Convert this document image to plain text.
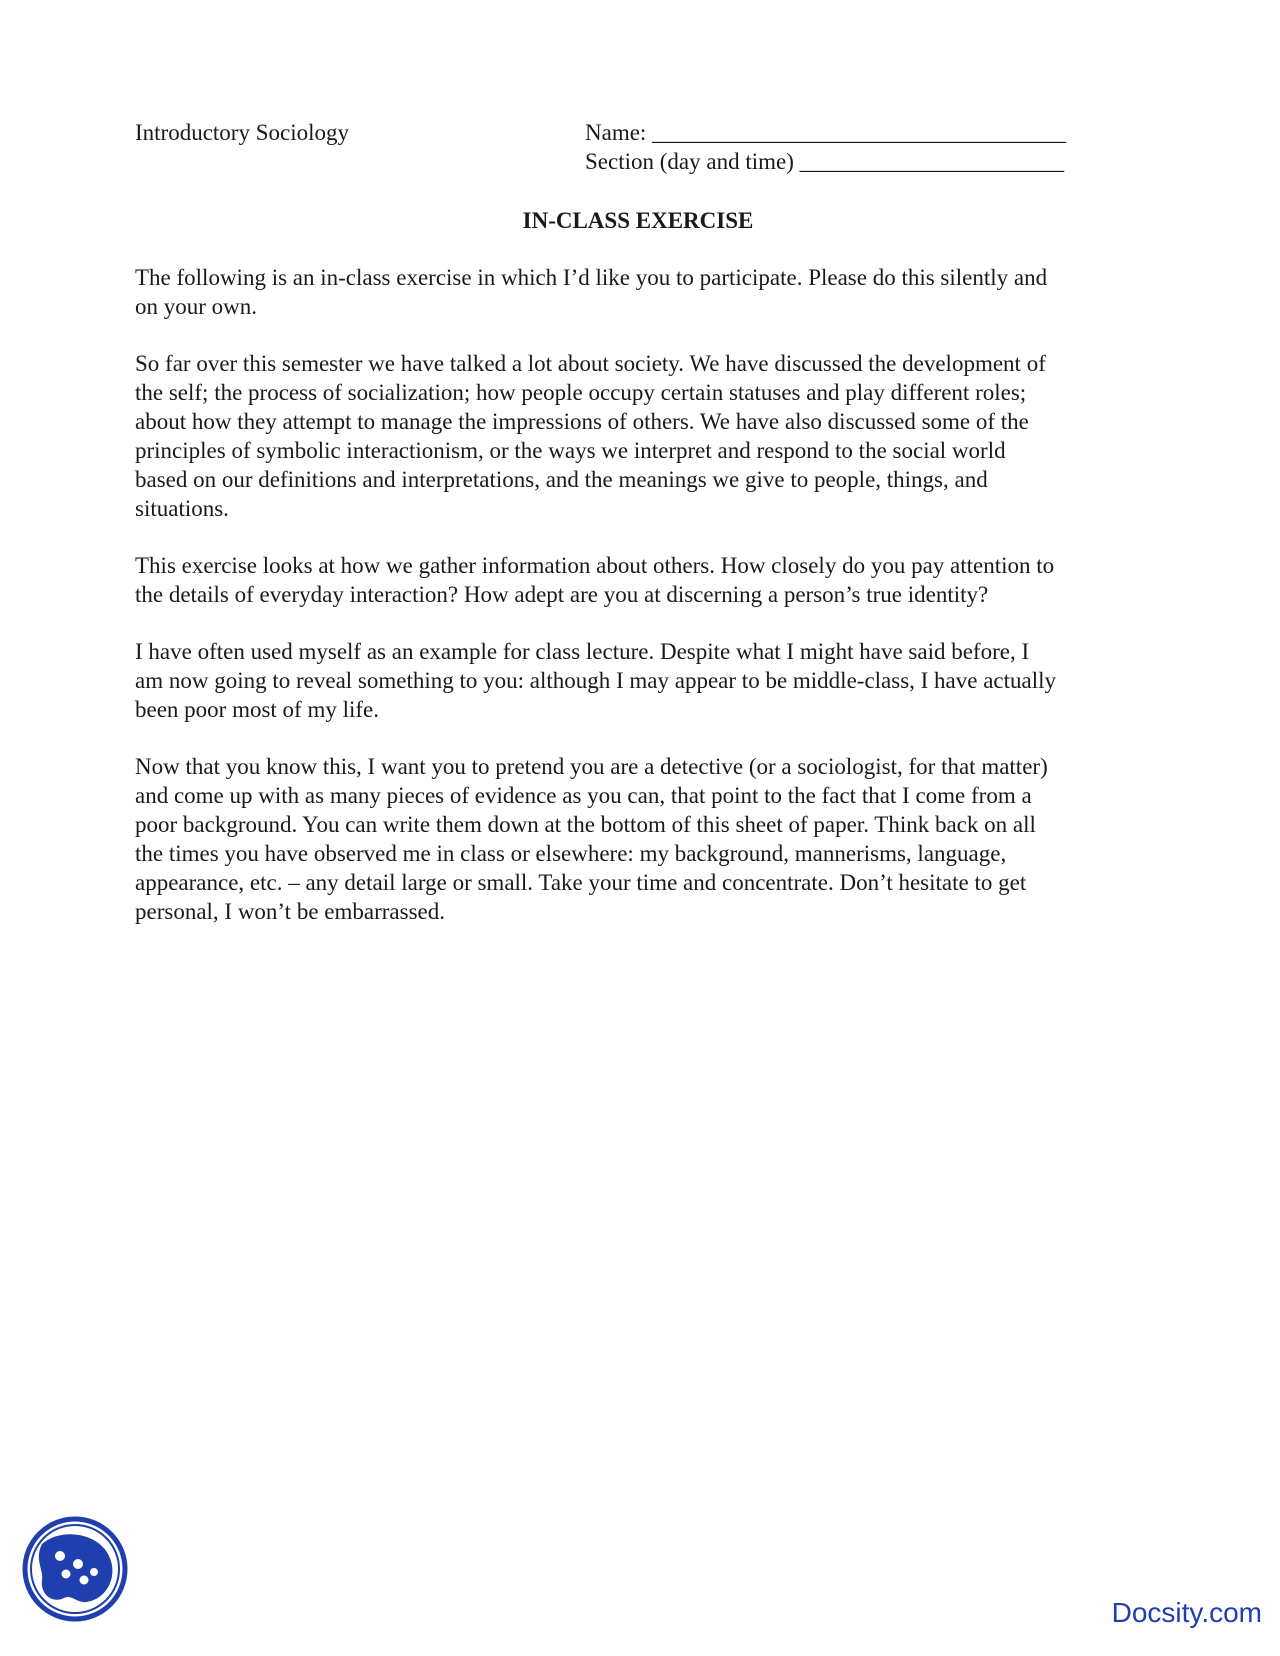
Introductory Sociology	Name: ____________________________________
Section (day and time) _______________________
IN-CLASS EXERCISE

The following is an in-class exercise in which I’d like you to participate. Please do this silently and
on your own.

So far over this semester we have talked a lot about society. We have discussed the development of
the self; the process of socialization; how people occupy certain statuses and play different roles;
about how they attempt to manage the impressions of others. We have also discussed some of the
principles of symbolic interactionism, or the ways we interpret and respond to the social world
based on our definitions and interpretations, and the meanings we give to people, things, and
situations.

This exercise looks at how we gather information about others. How closely do you pay attention to
the details of everyday interaction? How adept are you at discerning a person’s true identity?

I have often used myself as an example for class lecture. Despite what I might have said before, I
am now going to reveal something to you: although I may appear to be middle-class, I have actually
been poor most of my life.

Now that you know this, I want you to pretend you are a detective (or a sociologist, for that matter)
and come up with as many pieces of evidence as you can, that point to the fact that I come from a
poor background. You can write them down at the bottom of this sheet of paper. Think back on all
the times you have observed me in class or elsewhere: my background, mannerisms, language,
appearance, etc. – any detail large or small. Take your time and concentrate. Don’t hesitate to get
personal, I won’t be embarrassed.

Docsity.com
